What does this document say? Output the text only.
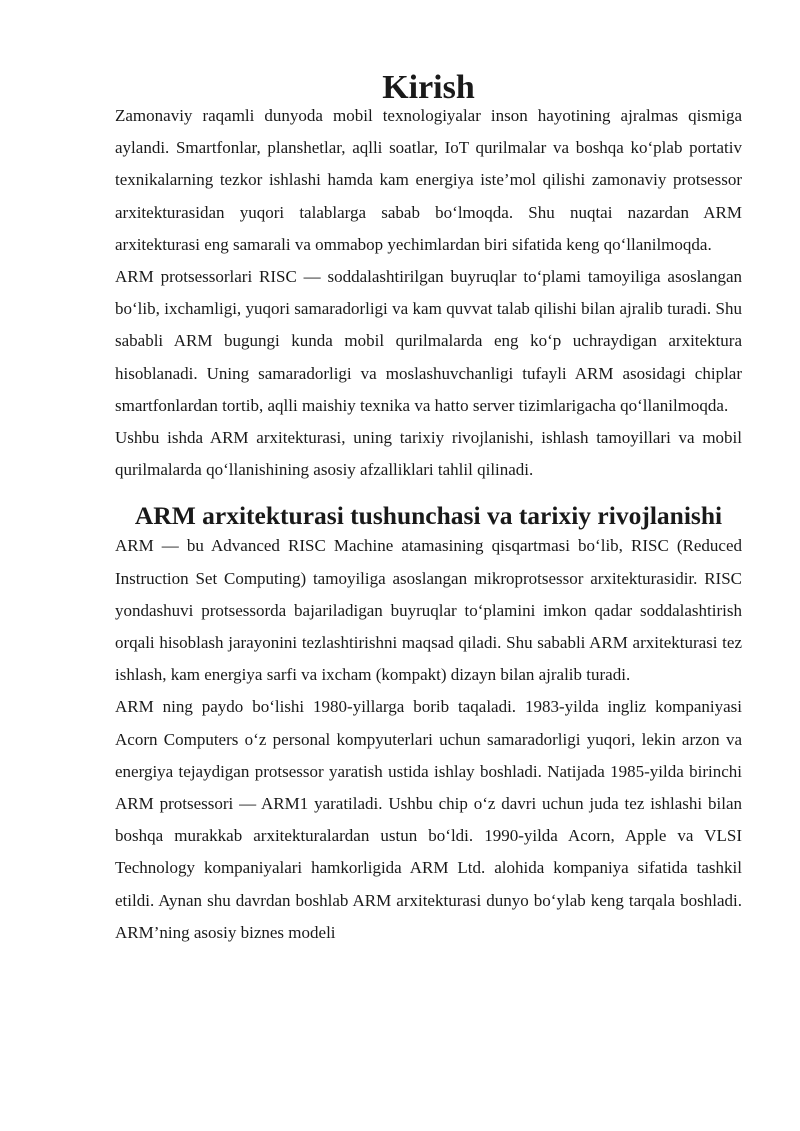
Kirish

Zamonaviy raqamli dunyoda mobil texnologiyalar inson hayotining ajralmas qismiga aylandi. Smartfonlar, planshetlar, aqlli soatlar, IoT qurilmalar va boshqa ko‘plab portativ texnikalarning tezkor ishlashi hamda kam energiya iste’mol qilishi zamonaviy protsessor arxitekturasidan yuqori talablarga sabab bo‘lmoqda. Shu nuqtai nazardan ARM arxitekturasi eng samarali va ommabop yechimlardan biri sifatida keng qo‘llanilmoqda.

ARM protsessorlari RISC — soddalashtirilgan buyruqlar to‘plami tamoyiliga asoslangan bo‘lib, ixchamligi, yuqori samaradorligi va kam quvvat talab qilishi bilan ajralib turadi. Shu sababli ARM bugungi kunda mobil qurilmalarda eng ko‘p uchraydigan arxitektura hisoblanadi. Uning samaradorligi va moslashuvchanligi tufayli ARM asosidagi chiplar smartfonlardan tortib, aqlli maishiy texnika va hatto server tizimlarigacha qo‘llanilmoqda.

Ushbu ishda ARM arxitekturasi, uning tarixiy rivojlanishi, ishlash tamoyillari va mobil qurilmalarda qo‘llanishining asosiy afzalliklari tahlil qilinadi.

ARM arxitekturasi tushunchasi va tarixiy rivojlanishi

ARM — bu Advanced RISC Machine atamasining qisqartmasi bo‘lib, RISC (Reduced Instruction Set Computing) tamoyiliga asoslangan mikroprotsessor arxitekturasidir. RISC yondashuvi protsessorda bajariladigan buyruqlar to‘plamini imkon qadar soddalashtirish orqali hisoblash jarayonini tezlashtirishni maqsad qiladi. Shu sababli ARM arxitekturasi tez ishlash, kam energiya sarfi va ixcham (kompakt) dizayn bilan ajralib turadi.

ARM ning paydo bo‘lishi 1980-yillarga borib taqaladi. 1983-yilda ingliz kompaniyasi Acorn Computers o‘z personal kompyuterlari uchun samaradorligi yuqori, lekin arzon va energiya tejaydigan protsessor yaratish ustida ishlay boshladi. Natijada 1985-yilda birinchi ARM protsessori — ARM1 yaratiladi. Ushbu chip o‘z davri uchun juda tez ishlashi bilan boshqa murakkab arxitekturalardan ustun bo‘ldi. 1990-yilda Acorn, Apple va VLSI Technology kompaniyalari hamkorligida ARM Ltd. alohida kompaniya sifatida tashkil etildi. Aynan shu davrdan boshlab ARM arxitekturasi dunyo bo‘ylab keng tarqala boshladi. ARM’ning asosiy biznes modeli
